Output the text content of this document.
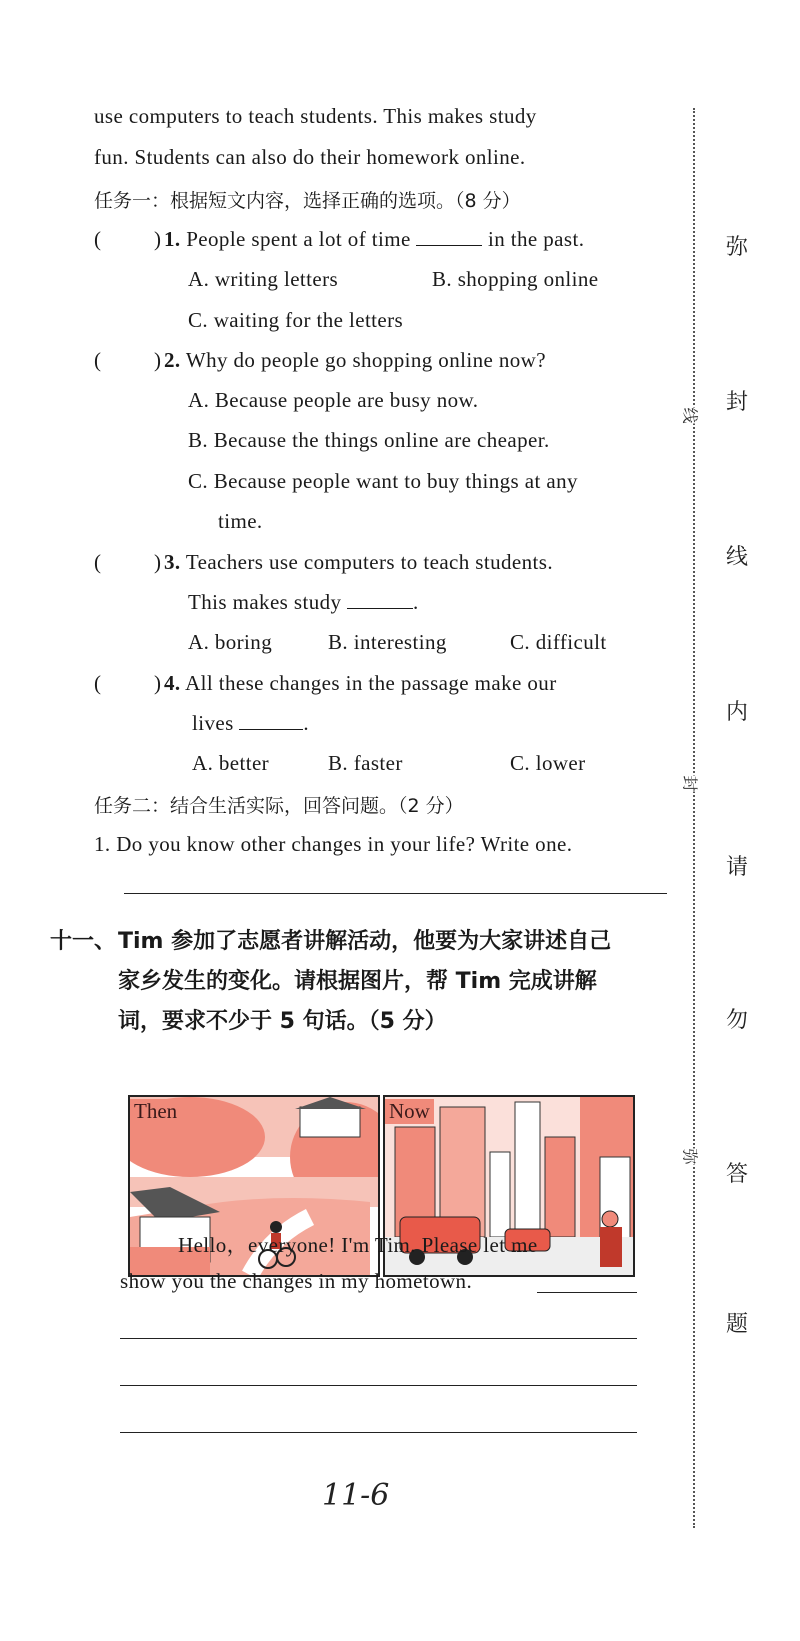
use computers to teach students. This makes study
fun. Students can also do their homework online.
任务一：根据短文内容，选择正确的选项。（8 分）
(	) 1. People spent a lot of time	in the past.
A. writing letters	B. shopping online
C. waiting for the letters
(	) 2. Why do people go shopping online now?
A. Because people are busy now.
B. Because the things online are cheaper.
C. Because people want to buy things at any
time.
(	) 3. Teachers use computers to teach students.
This makes study	.
A. boring	B. interesting	C. difficult
(	) 4. All these changes in the passage make our
lives	.
A. better	B. faster	C. lower
任务二：结合生活实际，回答问题。（2 分）
1. Do you know other changes in your life? Write one.
十一、 Tim 参加了志愿者讲解活动，他要为大家讲述自己
家乡发生的变化。请根据图片，帮 Tim 完成讲解
词，要求不少于 5 句话。（5 分）
Then	Now
Hello，everyone! I'm Tim. Please let me
show you the changes in my hometown.
11-6
线
封
弥
弥
封
线
内
请
勿
答
题
